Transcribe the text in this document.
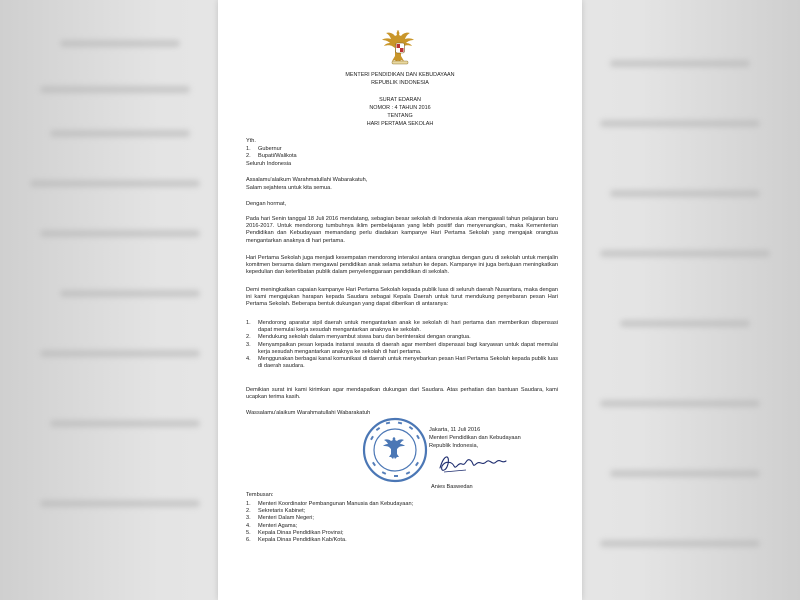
MENTERI PENDIDIKAN DAN KEBUDAYAAN
REPUBLIK INDONESIA
SURAT EDARAN
NOMOR : 4 TAHUN 2016
TENTANG
HARI PERTAMA SEKOLAH
Yth.
1.	Gubernur
2.	Bupati/Walikota
Seluruh Indonesia
Assalamu'alaikum Warahmatullahi Wabarakatuh,
Salam sejahtera untuk kita semua.
Dengan hormat,
Pada hari Senin tanggal 18 Juli 2016 mendatang, sebagian besar sekolah di Indonesia akan mengawali tahun pelajaran baru 2016-2017. Untuk mendorong tumbuhnya iklim pembelajaran yang lebih positif dan menyenangkan, maka Kementerian Pendidikan dan Kebudayaan memandang perlu diadakan kampanye Hari Pertama Sekolah yang mengajak orangtua mengantarkan anaknya di hari pertama.
Hari Pertama Sekolah juga menjadi kesempatan mendorong interaksi antara orangtua dengan guru di sekolah untuk menjalin komitmen bersama dalam mengawal pendidikan anak selama setahun ke depan. Kampanye ini juga bertujuan meningkatkan kepedulian dan keterlibatan publik dalam penyelenggaraan pendidikan di sekolah.
Demi meningkatkan capaian kampanye Hari Pertama Sekolah kepada publik luas di seluruh daerah Nusantara, maka dengan ini kami mengajukan harapan kepada Saudara sebagai Kepala Daerah untuk turut mendukung penyebaran pesan Hari Pertama Sekolah. Beberapa bentuk dukungan yang dapat diberikan di antaranya:
1.	Mendorong aparatur sipil daerah untuk mengantarkan anak ke sekolah di hari pertama dan memberikan dispensasi dapat memulai kerja sesudah mengantarkan anaknya ke sekolah.
2.	Mendukung sekolah dalam menyambut siswa baru dan berinteraksi dengan orangtua.
3.	Menyampaikan pesan kepada instansi swasta di daerah agar memberi dispensasi bagi karyawan untuk dapat memulai kerja sesudah mengantarkan anaknya ke sekolah di hari pertama.
4.	Menggunakan berbagai kanal komunikasi di daerah untuk menyebarkan pesan Hari Pertama Sekolah kepada publik luas di daerah saudara.
Demikian surat ini kami kirimkan agar mendapatkan dukungan dari Saudara. Atas perhatian dan bantuan Saudara, kami ucapkan terima kasih.
Wassalamu'alaikum Warahmatullahi Wabarakatuh
Jakarta, 11 Juli 2016
Menteri Pendidikan dan Kebudayaan
Republik Indonesia,
Anies Baswedan
Tembusan:
1.	Menteri Koordinator Pembangunan Manusia dan Kebudayaan;
2.	Sekretaris Kabinet;
3.	Menteri Dalam Negeri;
4.	Menteri Agama;
5.	Kepala Dinas Pendidikan Provinsi;
6.	Kepala Dinas Pendidikan Kab/Kota.
